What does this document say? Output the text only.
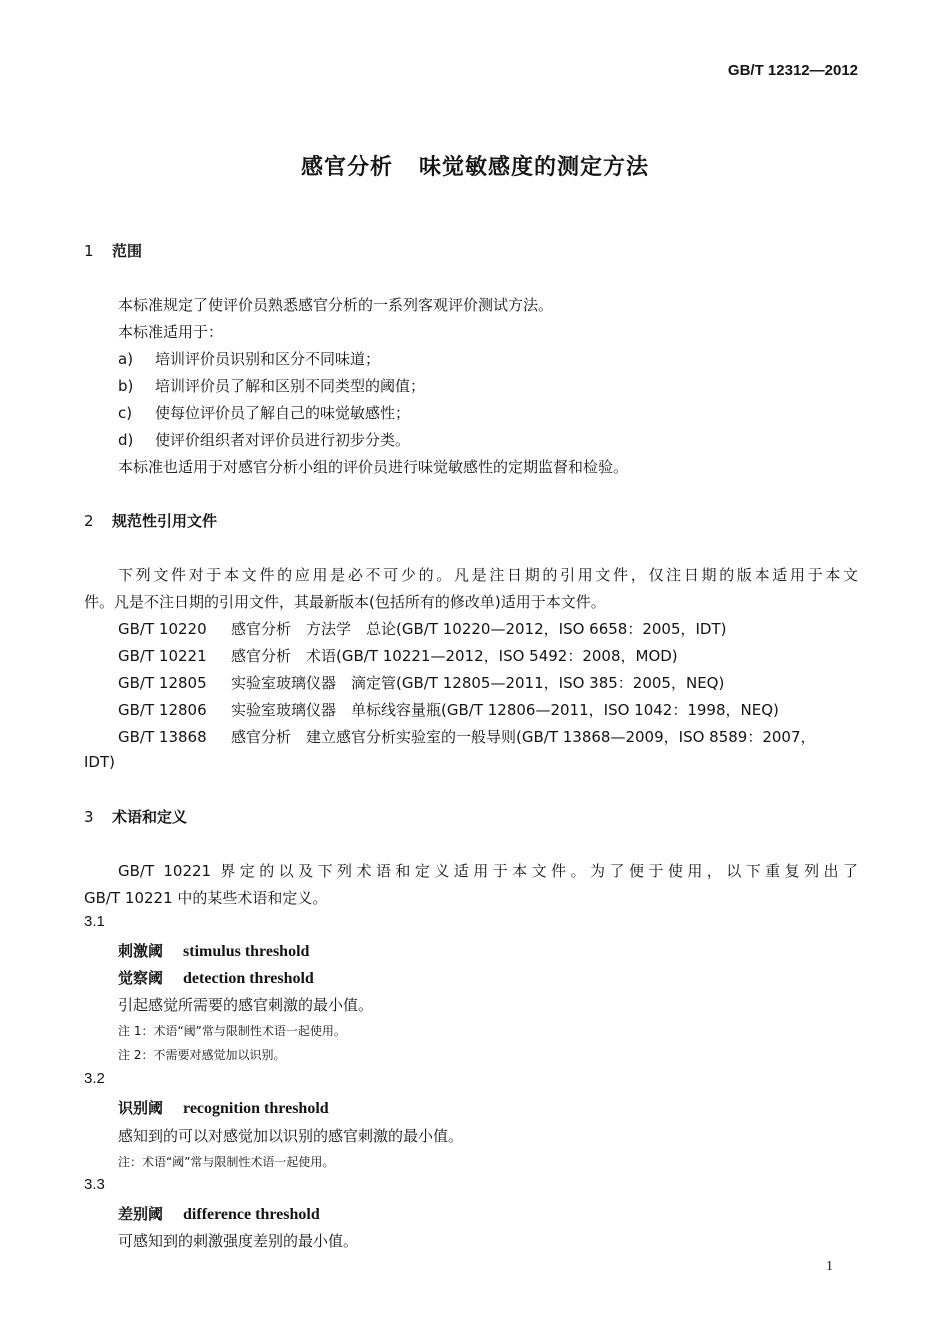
GB/T 12312—2012
感官分析 味觉敏感度的测定方法
1 范围
本标准规定了使评价员熟悉感官分析的一系列客观评价测试方法。
本标准适用于：
a) 培训评价员识别和区分不同味道；
b) 培训评价员了解和区别不同类型的阈值；
c) 使每位评价员了解自己的味觉敏感性；
d) 使评价组织者对评价员进行初步分类。
本标准也适用于对感官分析小组的评价员进行味觉敏感性的定期监督和检验。
2 规范性引用文件
下列文件对于本文件的应用是必不可少的。凡是注日期的引用文件，仅注日期的版本适用于本文
件。凡是不注日期的引用文件，其最新版本(包括所有的修改单)适用于本文件。
GB/T 10220 感官分析　方法学　总论(GB/T 10220—2012，ISO 6658：2005，IDT)
GB/T 10221 感官分析　术语(GB/T 10221—2012，ISO 5492：2008，MOD)
GB/T 12805 实验室玻璃仪器　滴定管(GB/T 12805—2011，ISO 385：2005，NEQ)
GB/T 12806 实验室玻璃仪器　单标线容量瓶(GB/T 12806—2011，ISO 1042：1998，NEQ)
GB/T 13868 感官分析　建立感官分析实验室的一般导则(GB/T 13868—2009，ISO 8589：2007，
IDT)
3 术语和定义
GB/T 10221 界定的以及下列术语和定义适用于本文件。为了便于使用，以下重复列出了
GB/T 10221 中的某些术语和定义。
3.1
刺激阈 stimulus threshold
觉察阈 detection threshold
引起感觉所需要的感官刺激的最小值。
注 1：术语“阈”常与限制性术语一起使用。
注 2：不需要对感觉加以识别。
3.2
识别阈 recognition threshold
感知到的可以对感觉加以识别的感官刺激的最小值。
注：术语“阈”常与限制性术语一起使用。
3.3
差别阈 difference threshold
可感知到的刺激强度差别的最小值。
1
